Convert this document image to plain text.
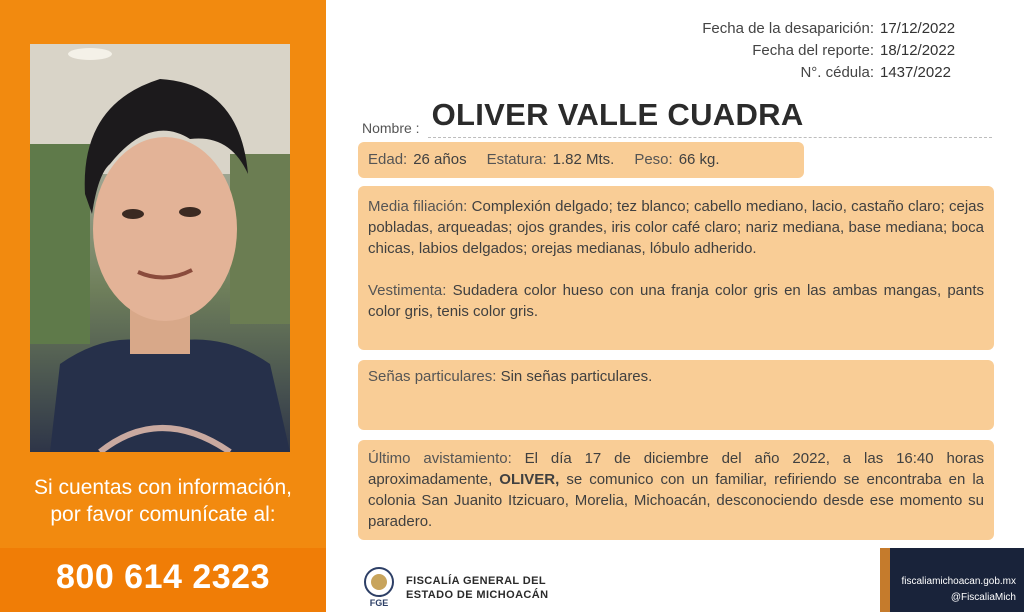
Si cuentas con información,
por favor comunícate al:
800 614 2323
Fecha de la desaparición: 17/12/2022
Fecha del reporte: 18/12/2022
N°. cédula: 1437/2022
Nombre : OLIVER VALLE CUADRA
Edad: 26 años Estatura: 1.82 Mts. Peso: 66 kg.

Media filiación: Complexión delgado; tez blanco; cabello mediano, lacio, castaño claro; cejas pobladas, arqueadas; ojos grandes, iris color café claro; nariz mediana, base mediana; boca chicas, labios delgados; orejas medianas, lóbulo adherido.

Vestimenta: Sudadera color hueso con una franja color gris en las ambas mangas, pants color gris, tenis color gris.

Señas particulares: Sin señas particulares.
Último avistamiento: El día 17 de diciembre del año 2022, a las 16:40 horas aproximadamente, OLIVER, se comunico con un familiar, refiriendo se encontraba en la colonia San Juanito Itzicuaro, Morelia, Michoacán, desconociendo desde ese momento su paradero.
FGE
FISCALÍA GENERAL DEL
ESTADO DE MICHOACÁN
fiscaliamichoacan.gob.mx
@FiscaliaMich
